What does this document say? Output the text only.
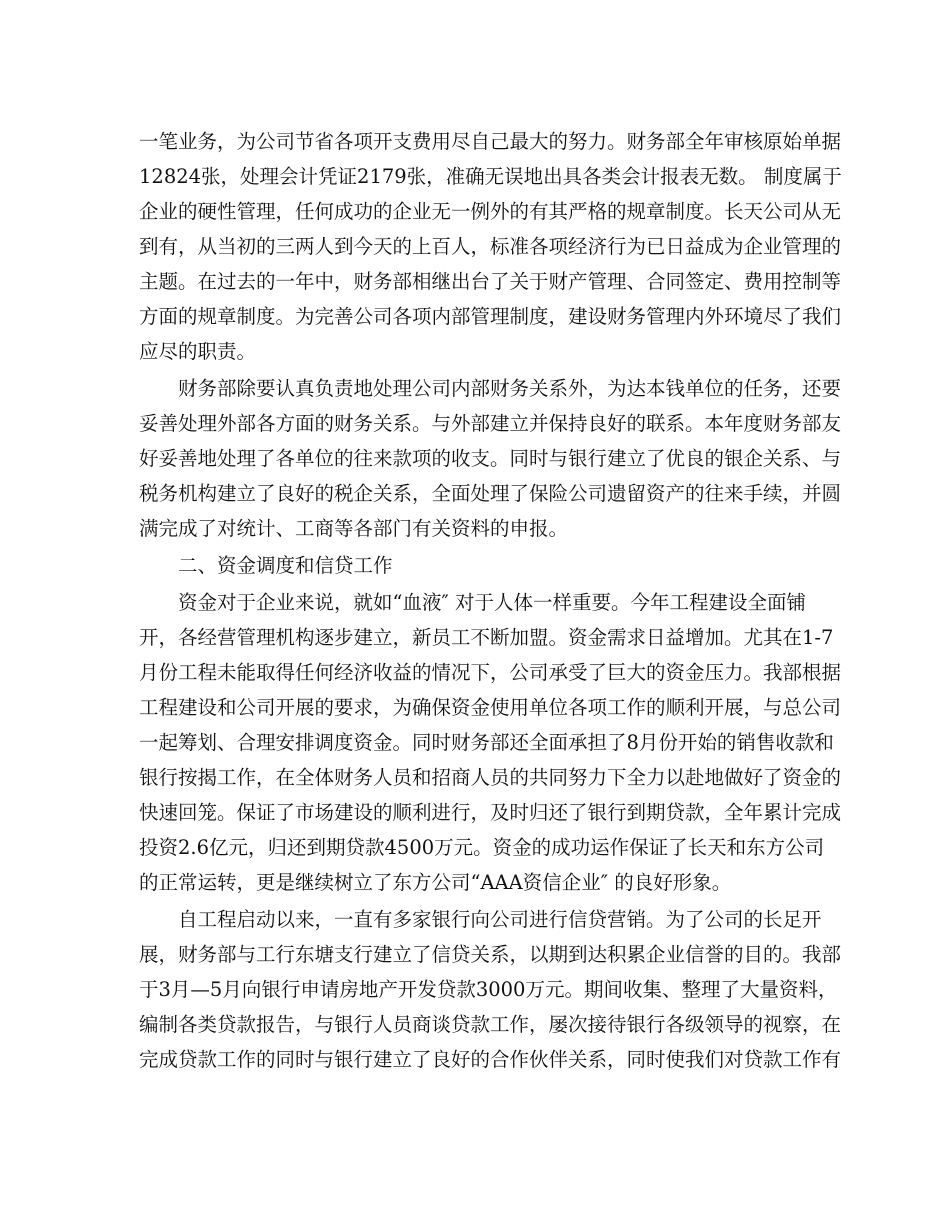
一笔业务，为公司节省各项开支费用尽自己最大的努力。财务部全年审核原始单据
12824张，处理会计凭证2179张，准确无误地出具各类会计报表无数。 制度属于
企业的硬性管理，任何成功的企业无一例外的有其严格的规章制度。长天公司从无
到有，从当初的三两人到今天的上百人，标准各项经济行为已日益成为企业管理的
主题。在过去的一年中，财务部相继出台了关于财产管理、合同签定、费用控制等
方面的规章制度。为完善公司各项内部管理制度，建设财务管理内外环境尽了我们
应尽的职责。
　　财务部除要认真负责地处理公司内部财务关系外，为达本钱单位的任务，还要
妥善处理外部各方面的财务关系。与外部建立并保持良好的联系。本年度财务部友
好妥善地处理了各单位的往来款项的收支。同时与银行建立了优良的银企关系、与
税务机构建立了良好的税企关系，全面处理了保险公司遗留资产的往来手续，并圆
满完成了对统计、工商等各部门有关资料的申报。
　　二、资金调度和信贷工作
　　资金对于企业来说，就如“血液″ 对于人体一样重要。今年工程建设全面铺
开，各经营管理机构逐步建立，新员工不断加盟。资金需求日益增加。尤其在1-7
月份工程未能取得任何经济收益的情况下，公司承受了巨大的资金压力。我部根据
工程建设和公司开展的要求，为确保资金使用单位各项工作的顺利开展，与总公司
一起筹划、合理安排调度资金。同时财务部还全面承担了8月份开始的销售收款和
银行按揭工作，在全体财务人员和招商人员的共同努力下全力以赴地做好了资金的
快速回笼。保证了市场建设的顺利进行，及时归还了银行到期贷款，全年累计完成
投资2.6亿元，归还到期贷款4500万元。资金的成功运作保证了长天和东方公司
的正常运转，更是继续树立了东方公司“AAA资信企业″ 的良好形象。
　　自工程启动以来，一直有多家银行向公司进行信贷营销。为了公司的长足开
展，财务部与工行东塘支行建立了信贷关系，以期到达积累企业信誉的目的。我部
于3月—5月向银行申请房地产开发贷款3000万元。期间收集、整理了大量资料，
编制各类贷款报告，与银行人员商谈贷款工作，屡次接待银行各级领导的视察，在
完成贷款工作的同时与银行建立了良好的合作伙伴关系，同时使我们对贷款工作有
